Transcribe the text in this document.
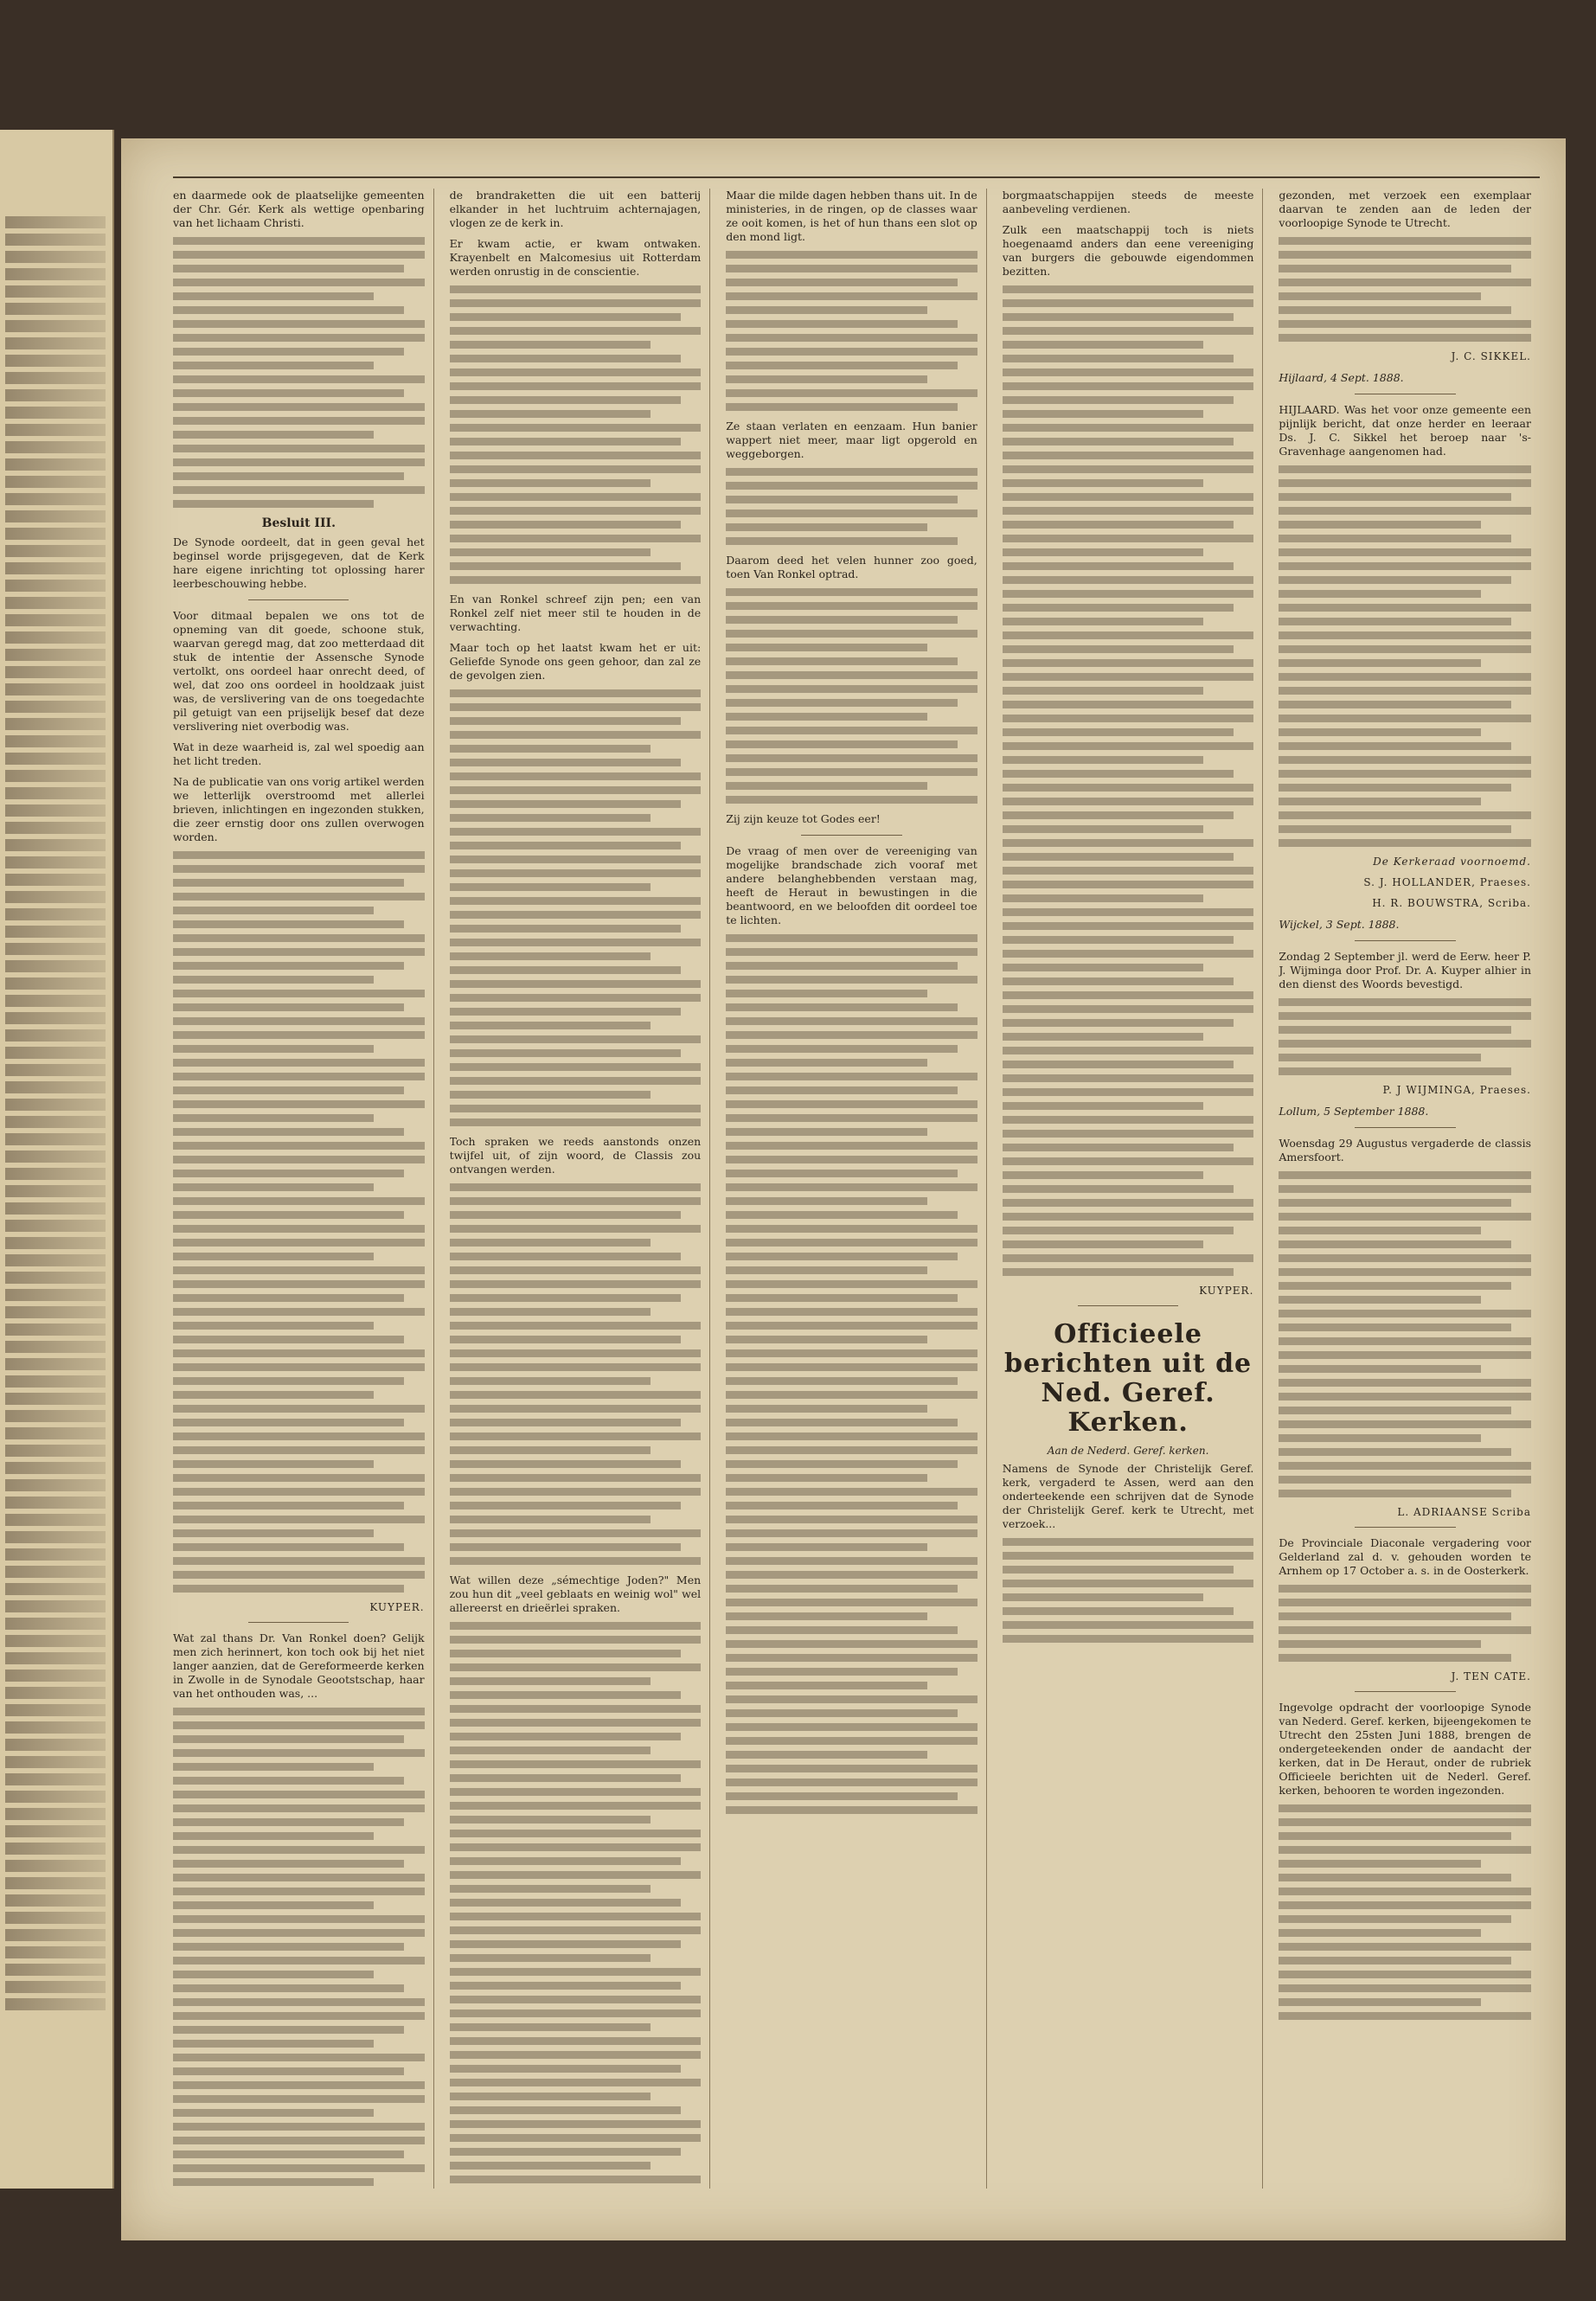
en daarmede ook de plaatselijke gemeenten der Chr. Gér. Kerk als wettige openbaring van het lichaam Christi.

Besluit III.

De Synode oordeelt, dat in geen geval het beginsel worde prijsgegeven, dat de Kerk hare eigene inrichting tot oplossing harer leerbeschouwing hebbe.

Voor ditmaal bepalen we ons tot de opneming van dit goede, schoone stuk, waarvan geregd mag, dat zoo metterdaad dit stuk de intentie der Assensche Synode vertolkt, ons oordeel haar onrecht deed, of wel, dat zoo ons oordeel in hooldzaak juist was, de verslivering van de ons toegedachte pil getuigt van een prijselijk besef dat deze verslivering niet overbodig was.

Wat in deze waarheid is, zal wel spoedig aan het licht treden.

Na de publicatie van ons vorig artikel werden we letterlijk overstroomd met allerlei brieven, inlichtingen en ingezonden stukken, die zeer ernstig door ons zullen overwogen worden.

KUYPER.

Wat zal thans Dr. Van Ronkel doen? Gelijk men zich herinnert, kon toch ook bij het niet langer aanzien, dat de Gereformeerde kerken in Zwolle in de Synodale Geootstschap, haar van het onthouden was, ...

de brandraketten die uit een batterij elkander in het luchtruim achternajagen, vlogen ze de kerk in.

Er kwam actie, er kwam ontwaken. Krayenbelt en Malcomesius uit Rotterdam werden onrustig in de conscientie.

En van Ronkel schreef zijn pen; een van Ronkel zelf niet meer stil te houden in de verwachting.

Maar toch op het laatst kwam het er uit: Geliefde Synode ons geen gehoor, dan zal ze de gevolgen zien.

Toch spraken we reeds aanstonds onzen twijfel uit, of zijn woord, de Classis zou ontvangen werden.

Wat willen deze „sémechtige Joden?" Men zou hun dit „veel geblaats en weinig wol" wel allereerst en drieërlei spraken.

Maar die milde dagen hebben thans uit. In de ministeries, in de ringen, op de classes waar ze ooit komen, is het of hun thans een slot op den mond ligt.

Ze staan verlaten en eenzaam. Hun banier wappert niet meer, maar ligt opgerold en weggeborgen.

Daarom deed het velen hunner zoo goed, toen Van Ronkel optrad.

Zij zijn keuze tot Godes eer!

De vraag of men over de vereeniging van mogelijke brandschade zich vooraf met andere belanghebbenden verstaan mag, heeft de Heraut in bewustingen in die beantwoord, en we beloofden dit oordeel toe te lichten.

borgmaatschappijen steeds de meeste aanbeveling verdienen.

Zulk een maatschappij toch is niets hoegenaamd anders dan eene vereeniging van burgers die gebouwde eigendommen bezitten.

KUYPER.
Officieele berichten uit de Ned. Geref. Kerken.
Aan de Nederd. Geref. kerken.

Namens de Synode der Christelijk Geref. kerk, vergaderd te Assen, werd aan den onderteekende een schrijven dat de Synode der Christelijk Geref. kerk te Utrecht, met verzoek...

gezonden, met verzoek een exemplaar daarvan te zenden aan de leden der voorloopige Synode te Utrecht.

J. C. SIKKEL.

Hijlaard, 4 Sept. 1888.

HIJLAARD. Was het voor onze gemeente een pijnlijk bericht, dat onze herder en leeraar Ds. J. C. Sikkel het beroep naar 's-Gravenhage aangenomen had.

De Kerkeraad voornoemd.
S. J. HOLLANDER, Praeses.
H. R. BOUWSTRA, Scriba.

Wijckel, 3 Sept. 1888.

Zondag 2 September jl. werd de Eerw. heer P. J. Wijminga door Prof. Dr. A. Kuyper alhier in den dienst des Woords bevestigd.

P. J WIJMINGA, Praeses.

Lollum, 5 September 1888.

Woensdag 29 Augustus vergaderde de classis Amersfoort.

L. ADRIAANSE Scriba

De Provinciale Diaconale vergadering voor Gelderland zal d. v. gehouden worden te Arnhem op 17 October a. s. in de Oosterkerk.

J. TEN CATE.

Ingevolge opdracht der voorloopige Synode van Nederd. Geref. kerken, bijeengekomen te Utrecht den 25sten Juni 1888, brengen de ondergeteekenden onder de aandacht der kerken, dat in De Heraut, onder de rubriek Officieele berichten uit de Nederl. Geref. kerken, behooren te worden ingezonden.
